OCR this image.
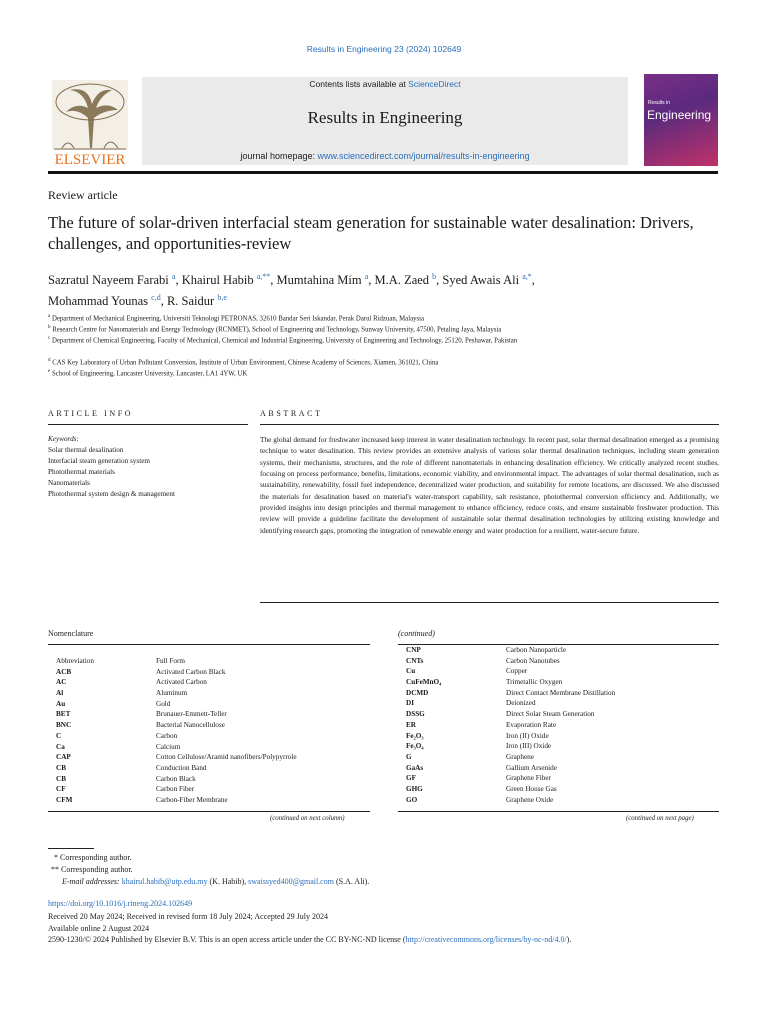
Results in Engineering 23 (2024) 102649
ELSEVIER
Contents lists available at ScienceDirect
Results in Engineering
journal homepage: www.sciencedirect.com/journal/results-in-engineering
Results in
Engineering
Review article
The future of solar-driven interfacial steam generation for sustainable water desalination: Drivers, challenges, and opportunities-review
Sazratul Nayeem Farabi $^a$, Khairul Habib $^{a,**}$, Mumtahina Mim $^a$, M.A. Zaed $^b$, Syed Awais Ali $^{a,*}$,
Mohammad Younas $^{c,d}$, R. Saidur $^{b,e}$
$^a$ Department of Mechanical Engineering, Universiti Teknologi PETRONAS, 32610 Bandar Seri Iskandar, Perak Darul Ridzuan, Malaysia
$^b$ Research Centre for Nanomaterials and Energy Technology (RCNMET), School of Engineering and Technology, Sunway University, 47500, Petaling Jaya, Malaysia
$^c$ Department of Chemical Engineering, Faculty of Mechanical, Chemical and Industrial Engineering, University of Engineering and Technology, 25120, Peshawar, Pakistan
$^d$ CAS Key Laboratory of Urban Pollutant Conversion, Institute of Urban Environment, Chinese Academy of Sciences, Xiamen, 361021, China
$^e$ School of Engineering, Lancaster University, Lancaster, LA1 4YW, UK
ARTICLE INFO	ABSTRACT
Keywords:
Solar thermal desalination
Interfacial steam generation system
Photothermal materials
Nanomaterials
Photothermal system design & management
The global demand for freshwater increased keep interest in water desalination technology. In recent past, solar thermal desalination emerged as a promising technique to water desalination. This review provides an extensive analysis of various solar thermal desalination techniques, including steam generation systems, their mechanisms, structures, and the role of different nanomaterials in enhancing desalination efficiency. We critically analyzed recent studies, focusing on process performance, benefits, limitations, economic viability, and environmental impact. The advantages of solar thermal desalination, such as sustainability, renewability, fossil fuel independence, decentralized water production, and suitability for remote locations, are discussed. We also discussed the materials for desalination based on material's water-transport capability, salt resistance, photothermal conversion efficiency and. Additionally, we provided insights into design principles and thermal management to enhance efficiency, reduce costs, and ensure sustainable freshwater production. This review will provide a guideline facilitate the development of sustainable solar thermal desalination technologies by utilizing existing knowledge and identifying research gaps, promoting the integration of renewable energy and water production for a resilient, water-secure future.
Nomenclature	(continued)
Abbreviation	Full Form
ACB	Activated Carbon Black
AC	Activated Carbon
Al	Aluminum
Au	Gold
BET	Brunauer-Emmett-Teller
BNC	Bacterial Nanocellulose
C	Carbon
Ca	Calcium
CAP	Cotton Cellulose/Aramid nanofibers/Polypyrrole
CB	Conduction Band
CB	Carbon Black
CF	Carbon Fiber
CFM	Carbon-Fiber Membrane
CNP	Carbon Nanoparticle
CNTs	Carbon Nanotubes
Cu	Copper
CuFeMnO₄	Trimetallic Oxygen
DCMD	Direct Contact Membrane Distillation
DI	Deionized
DSSG	Direct Solar Steam Generation
ER	Evaporation Rate
Fe₂O₃	Iron (II) Oxide
Fe₃O₄	Iron (III) Oxide
G	Graphene
GaAs	Gallium Arsenide
GF	Graphene Fiber
GHG	Green House Gas
GO	Graphene Oxide
(continued on next column)	(continued on next page)
* Corresponding author.
** Corresponding author.
E-mail addresses: khairul.habib@utp.edu.my (K. Habib), swaissyed400@gmail.com (S.A. Ali).
https://doi.org/10.1016/j.rineng.2024.102649
Received 20 May 2024; Received in revised form 18 July 2024; Accepted 29 July 2024
Available online 2 August 2024
2590-1230/© 2024 Published by Elsevier B.V. This is an open access article under the CC BY-NC-ND license (http://creativecommons.org/licenses/by-nc-nd/4.0/).
